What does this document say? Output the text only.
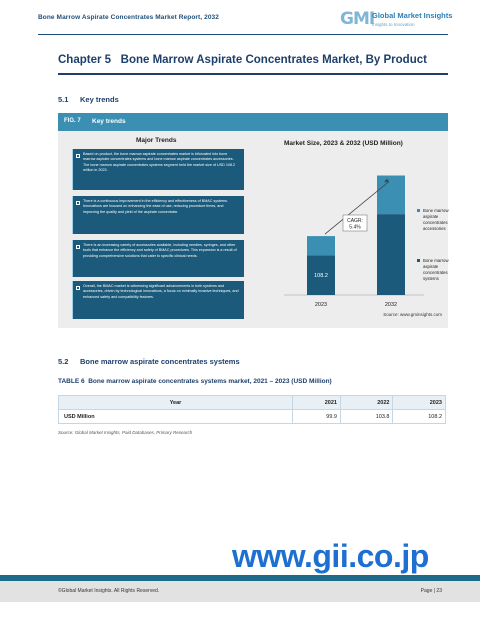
Bone Marrow Aspirate Concentrates Market Report, 2032	GMI
Global Market Insights
Insights to Innovation
Chapter 5 Bone Marrow Aspirate Concentrates Market, By Product
5.1 Key trends
FIG. 7 Key trends
Major Trends
Based on product, the bone marrow aspirate concentrates market is bifurcated into bone marrow aspirate concentrates systems and bone marrow aspirate concentrates accessories. The bone marrow aspirate concentrates systems segment held the market size of USD 108.2 million in 2023.
There is a continuous improvement in the efficiency and effectiveness of BMAC systems. Innovations are focused on enhancing the ease of use, reducing procedure times, and improving the quality and yield of the aspirate concentrate.
There is an increasing variety of accessories available, including needles, syringes, and other tools that enhance the efficiency and safety of BMAC procedures. This expansion is a result of providing comprehensive solutions that cater to specific clinical needs.
Overall, the BMAC market is witnessing significant advancements in both systems and accessories, driven by technological innovations, a focus on minimally invasive techniques, and enhanced safety and compatibility features.
Market Size, 2023 & 2032 (USD Million)
2023	2032
108.2
CAGR:
5.4%
Bone marrow
aspirate
concentrates
accessories
Bone marrow
aspirate
concentrates
systems
Source: www.gminsights.com
5.2 Bone marrow aspirate concentrates systems
TABLE 6 Bone marrow aspirate concentrates systems market, 2021 – 2023 (USD Million)
Year	2021	2022	2023
USD Million	99.9	103.8	108.2
Source: Global Market Insights, Paid Databases, Primary Research
www.gii.co.jp
©Global Market Insights. All Rights Reserved.	Page | 23
